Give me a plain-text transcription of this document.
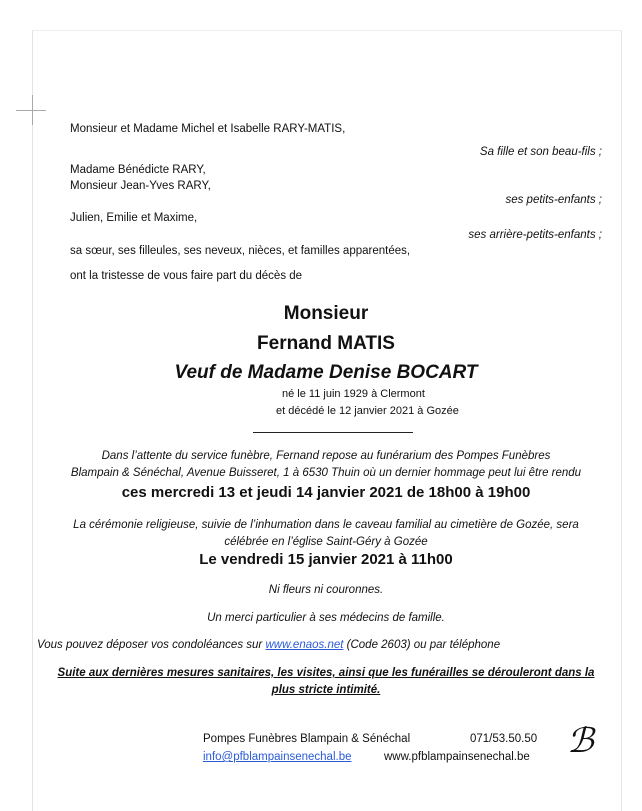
Monsieur et Madame Michel et Isabelle RARY-MATIS,
Sa fille et son beau-fils ;
Madame Bénédicte RARY,
Monsieur Jean-Yves RARY,
ses petits-enfants ;
Julien, Emilie et Maxime,
ses arrière-petits-enfants ;
sa sœur, ses filleules, ses neveux, nièces, et familles apparentées,
ont la tristesse de vous faire part du décès de
Monsieur
Fernand MATIS
Veuf de Madame Denise BOCART
né le 11 juin 1929 à Clermont
et décédé le 12 janvier 2021 à Gozée
Dans l’attente du service funèbre, Fernand repose au funérarium des Pompes Funèbres
Blampain & Sénéchal, Avenue Buisseret, 1 à 6530 Thuin où un dernier hommage peut lui être rendu
ces mercredi 13 et jeudi 14 janvier 2021 de 18h00 à 19h00
La cérémonie religieuse, suivie de l’inhumation dans le caveau familial au cimetière de Gozée, sera
célébrée en l’église Saint-Géry à Gozée
Le vendredi 15 janvier 2021 à 11h00
Ni fleurs ni couronnes.
Un merci particulier à ses médecins de famille.
Vous pouvez déposer vos condoléances sur www.enaos.net (Code 2603) ou par téléphone
Suite aux dernières mesures sanitaires, les visites, ainsi que les funérailles se dérouleront dans la
plus stricte intimité.
Pompes Funèbres Blampain & Sénéchal	071/53.50.50
info@pfblampainsenechal.be	www.pfblampainsenechal.be ℬ
